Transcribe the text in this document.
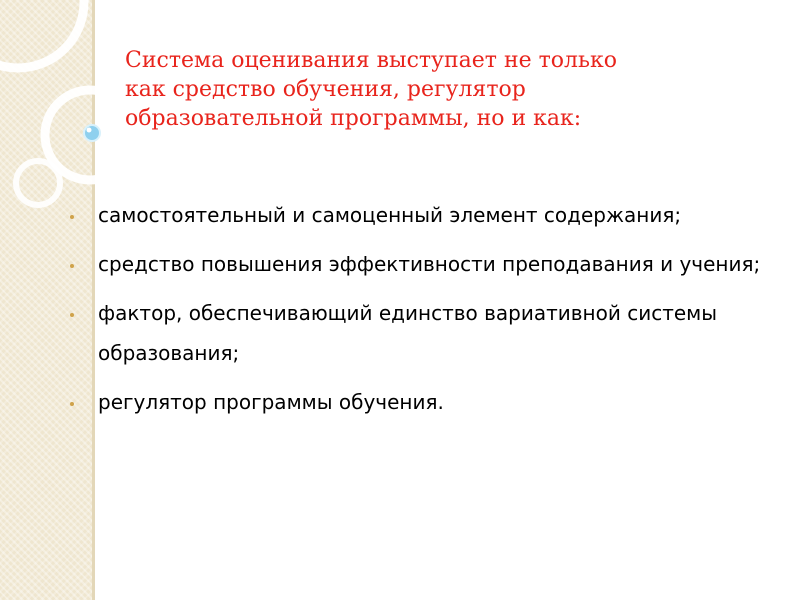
Система оценивания выступает не только
как средство обучения, регулятор
образовательной программы, но и как:
самостоятельный и самоценный элемент содержания;
средство повышения эффективности преподавания и учения;
фактор, обеспечивающий единство вариативной системы образования;
регулятор программы обучения.
